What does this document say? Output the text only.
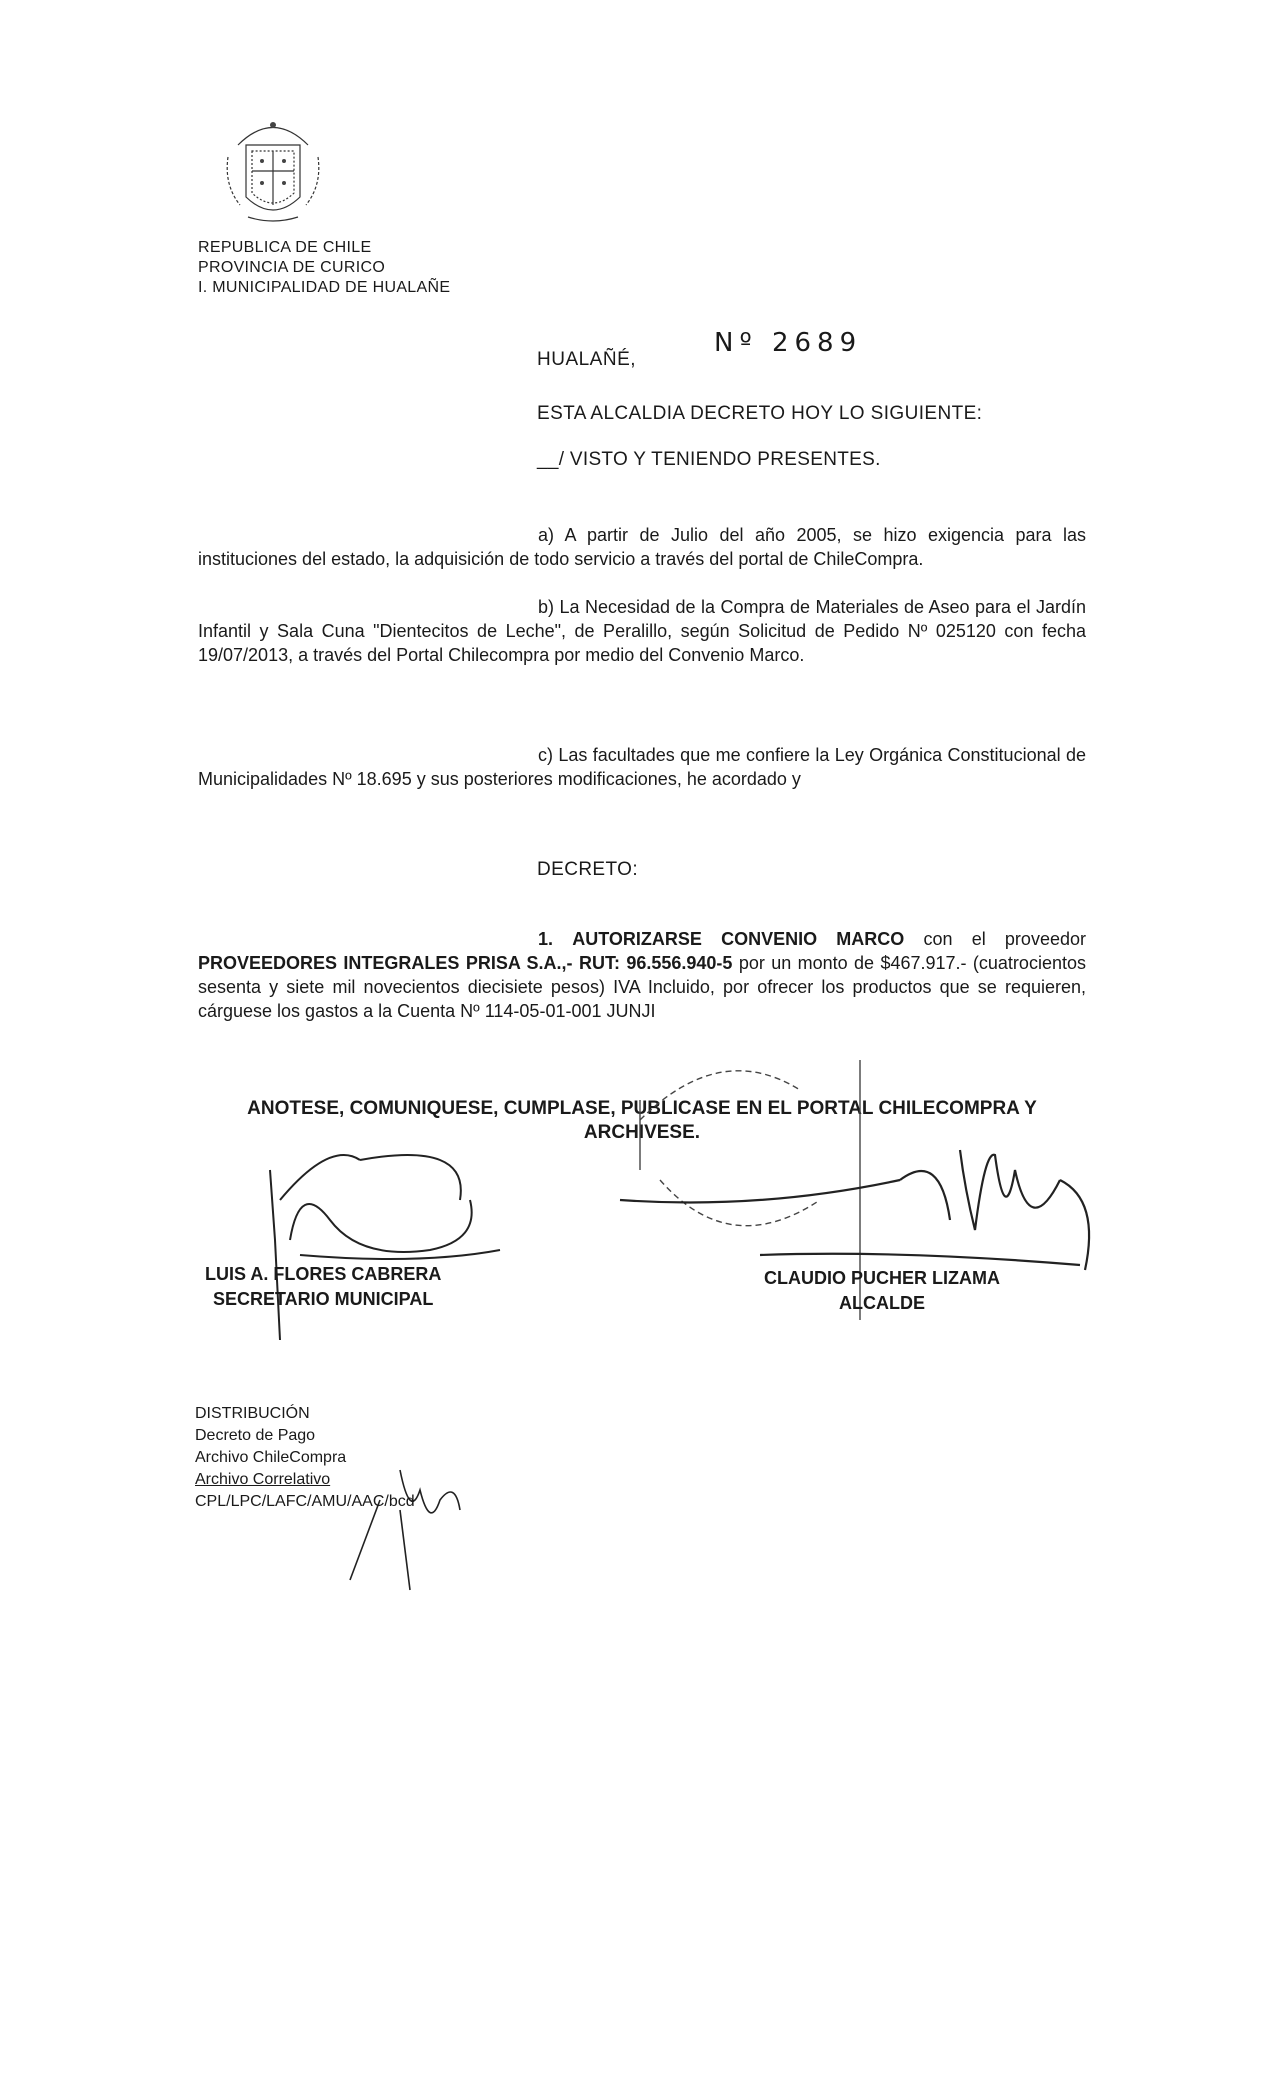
REPUBLICA DE CHILE
PROVINCIA DE CURICO
I. MUNICIPALIDAD DE HUALAÑE
HUALAÑÉ,
Nº 2689
ESTA ALCALDIA DECRETO HOY LO SIGUIENTE:
__/ VISTO Y TENIENDO PRESENTES.
a) A partir de Julio del año 2005, se hizo exigencia para las instituciones del estado, la adquisición de todo servicio a través del portal de ChileCompra.
b) La Necesidad de la Compra de Materiales de Aseo para el Jardín Infantil y Sala Cuna "Dientecitos de Leche", de Peralillo, según Solicitud de Pedido Nº 025120 con fecha 19/07/2013, a través del Portal Chilecompra por medio del Convenio Marco.
c) Las facultades que me confiere la Ley Orgánica Constitucional de Municipalidades Nº 18.695 y sus posteriores modificaciones, he acordado y
DECRETO:
1. AUTORIZARSE CONVENIO MARCO con el proveedor PROVEEDORES INTEGRALES PRISA S.A.,- RUT: 96.556.940-5 por un monto de $467.917.- (cuatrocientos sesenta y siete mil novecientos diecisiete pesos) IVA Incluido, por ofrecer los productos que se requieren, cárguese los gastos a la Cuenta Nº 114-05-01-001 JUNJI
ANOTESE, COMUNIQUESE, CUMPLASE, PUBLICASE EN EL PORTAL CHILECOMPRA Y
ARCHIVESE.
LUIS A. FLORES CABRERA
SECRETARIO MUNICIPAL
CLAUDIO PUCHER LIZAMA
ALCALDE
DISTRIBUCIÓN
Decreto de Pago
Archivo ChileCompra
Archivo Correlativo
CPL/LPC/LAFC/AMU/AAC/bcd
